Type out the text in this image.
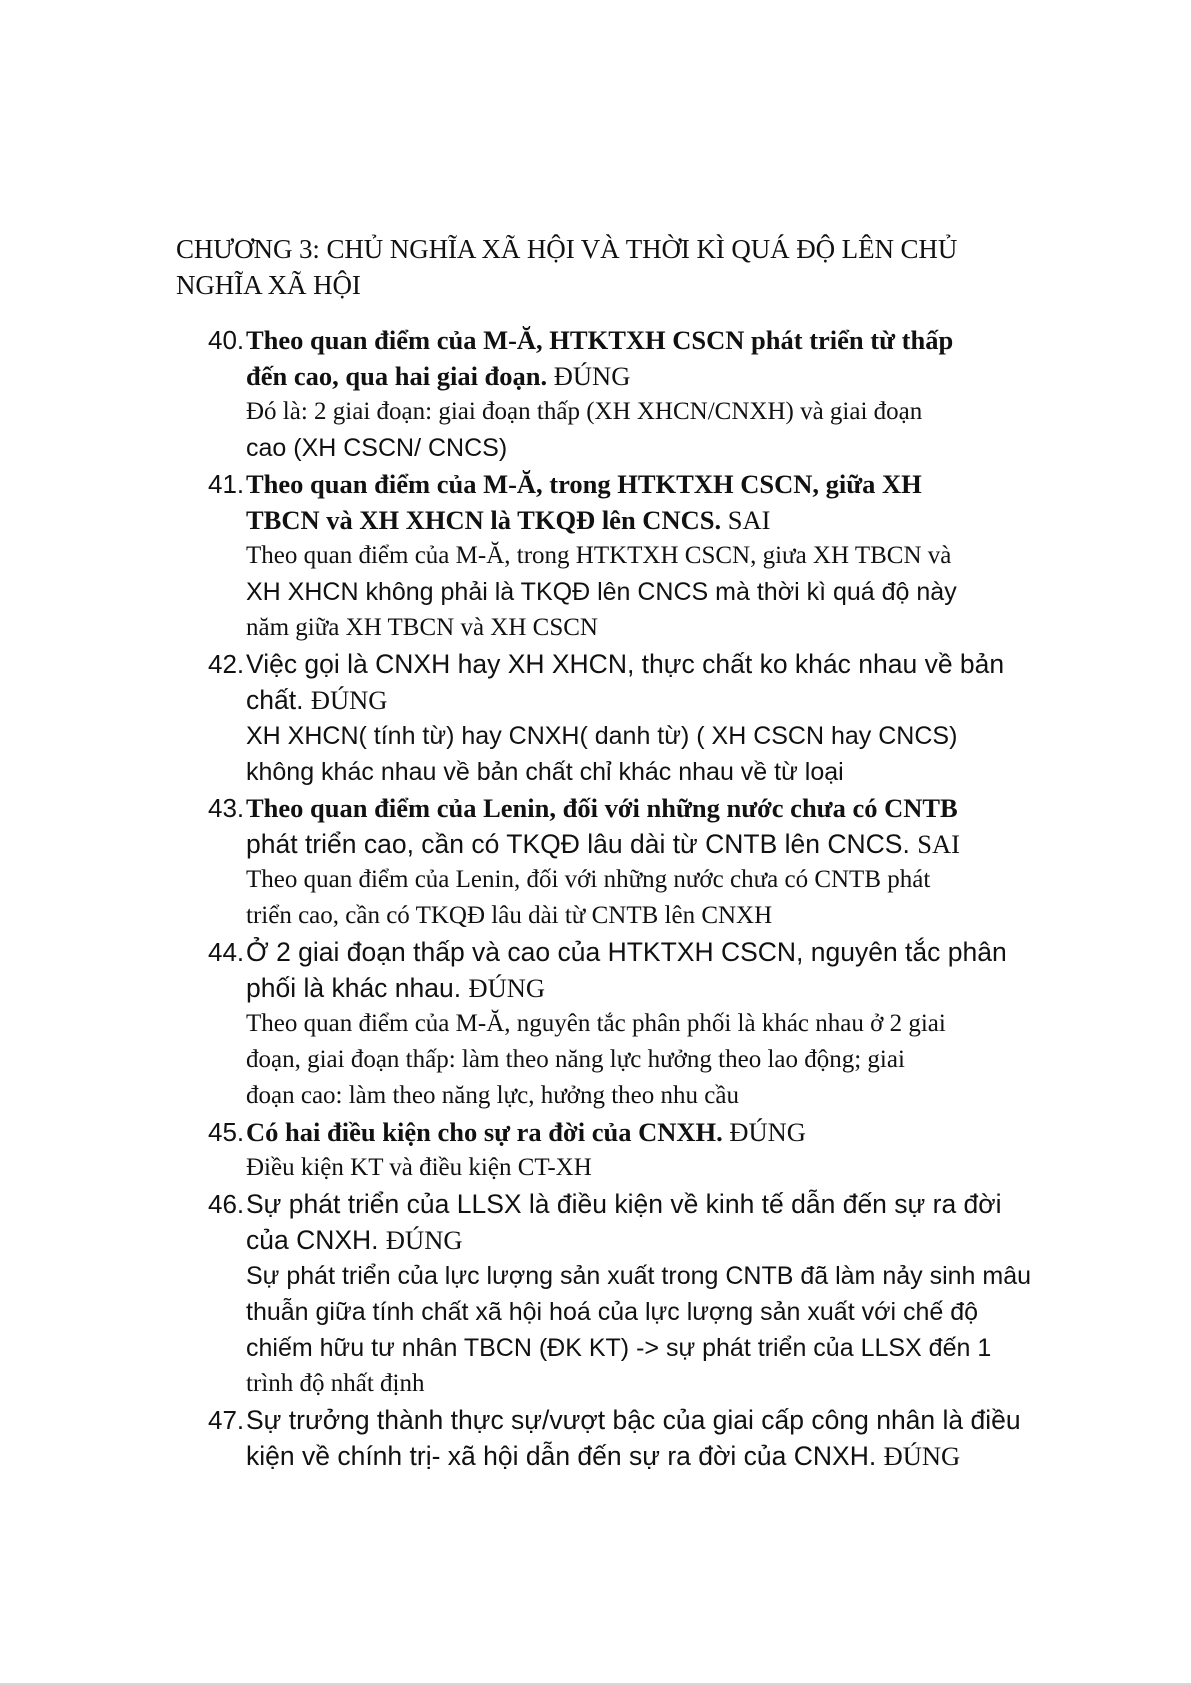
CHƯƠNG 3: CHỦ NGHĨA XÃ HỘI VÀ THỜI KÌ QUÁ ĐỘ LÊN CHỦ
NGHĨA XÃ HỘI
40. Theo quan điểm của M-Ă, HTKTXH CSCN phát triển từ thấp
đến cao, qua hai giai đoạn. ĐÚNG
Đó là: 2 giai đoạn: giai đoạn thấp (XH XHCN/CNXH) và giai đoạn
cao (XH CSCN/ CNCS)
41. Theo quan điểm của M-Ă, trong HTKTXH CSCN, giữa XH
TBCN và XH XHCN là TKQĐ lên CNCS. SAI
Theo quan điểm của M-Ă, trong HTKTXH CSCN, giưa XH TBCN và
XH XHCN không phải là TKQĐ lên CNCS mà thời kì quá độ này
năm giữa XH TBCN và XH CSCN
42. Việc gọi là CNXH hay XH XHCN, thực chất ko khác nhau về bản
chất. ĐÚNG
XH XHCN( tính từ) hay CNXH( danh từ) ( XH CSCN hay CNCS)
không khác nhau về bản chất chỉ khác nhau về từ loại
43. Theo quan điểm của Lenin, đối với những nước chưa có CNTB
phát triển cao, cần có TKQĐ lâu dài từ CNTB lên CNCS. SAI
Theo quan điểm của Lenin, đối với những nước chưa có CNTB phát
triển cao, cần có TKQĐ lâu dài từ CNTB lên CNXH
44. Ở 2 giai đoạn thấp và cao của HTKTXH CSCN, nguyên tắc phân
phối là khác nhau. ĐÚNG
Theo quan điểm của M-Ă, nguyên tắc phân phối là khác nhau ở 2 giai
đoạn, giai đoạn thấp: làm theo năng lực hưởng theo lao động; giai
đoạn cao: làm theo năng lực, hưởng theo nhu cầu
45. Có hai điều kiện cho sự ra đời của CNXH. ĐÚNG
Điều kiện KT và điều kiện CT-XH
46. Sự phát triển của LLSX là điều kiện về kinh tế dẫn đến sự ra đời
của CNXH. ĐÚNG
Sự phát triển của lực lượng sản xuất trong CNTB đã làm nảy sinh mâu
thuẫn giữa tính chất xã hội hoá của lực lượng sản xuất với chế độ
chiếm hữu tư nhân TBCN (ĐK KT) -> sự phát triển của LLSX đến 1
trình độ nhất định
47. Sự trưởng thành thực sự/vượt bậc của giai cấp công nhân là điều
kiện về chính trị- xã hội dẫn đến sự ra đời của CNXH. ĐÚNG
